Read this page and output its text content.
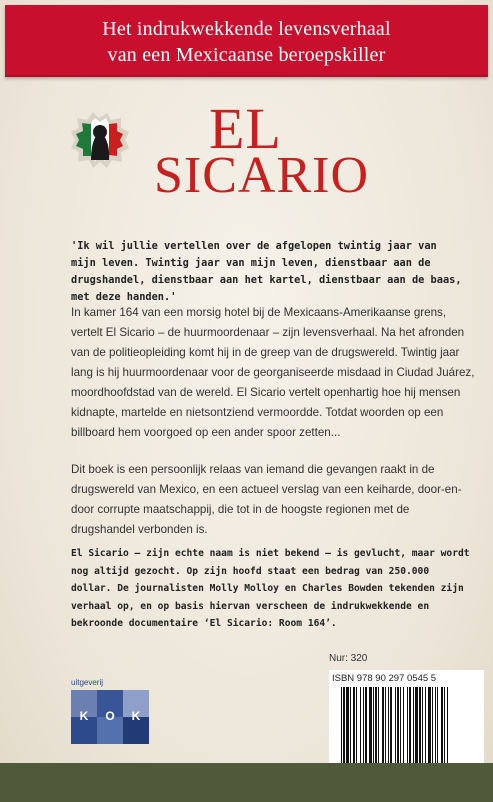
Het indrukwekkende levensverhaal
van een Mexicaanse beroepskiller
EL
SICARIO
'Ik wil jullie vertellen over de afgelopen twintig jaar van mijn leven. Twintig jaar van mijn leven, dienstbaar aan de drugshandel, dienstbaar aan het kartel, dienstbaar aan de baas, met deze handen.'
In kamer 164 van een morsig hotel bij de Mexicaans-Amerikaanse grens, vertelt El Sicario – de huurmoordenaar – zijn levensverhaal. Na het afronden van de politieopleiding komt hij in de greep van de drugswereld. Twintig jaar lang is hij huurmoordenaar voor de georganiseerde misdaad in Ciudad Juárez, moordhoofdstad van de wereld. El Sicario vertelt openhartig hoe hij mensen kidnapte, martelde en nietsontziend vermoordde. Totdat woorden op een billboard hem voorgoed op een ander spoor zetten...
Dit boek is een persoonlijk relaas van iemand die gevangen raakt in de drugswereld van Mexico, en een actueel verslag van een keiharde, door-en-door corrupte maatschappij, die tot in de hoogste regionen met de drugshandel verbonden is.
El Sicario – zijn echte naam is niet bekend – is gevlucht, maar wordt nog altijd gezocht. Op zijn hoofd staat een bedrag van 250.000 dollar. De journalisten Molly Molloy en Charles Bowden tekenden zijn verhaal op, en op basis hiervan verscheen de indrukwekkende en bekroonde documentaire ‘El Sicario: Room 164’.
Nur: 320
ISBN 978 90 297 0545 5
uitgeverij
K O K
